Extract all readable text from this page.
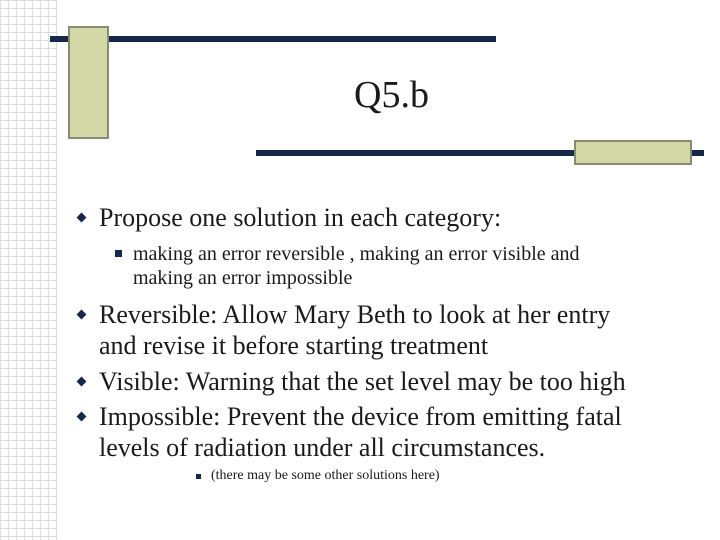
Q5.b
Propose one solution in each category:
making an error reversible , making an error visible and
making an error impossible
Reversible: Allow Mary Beth to look at her entry
and revise it before starting treatment
Visible: Warning that the set level may be too high
Impossible: Prevent the device from emitting fatal
levels of radiation under all circumstances.
(there may be some other solutions here)
